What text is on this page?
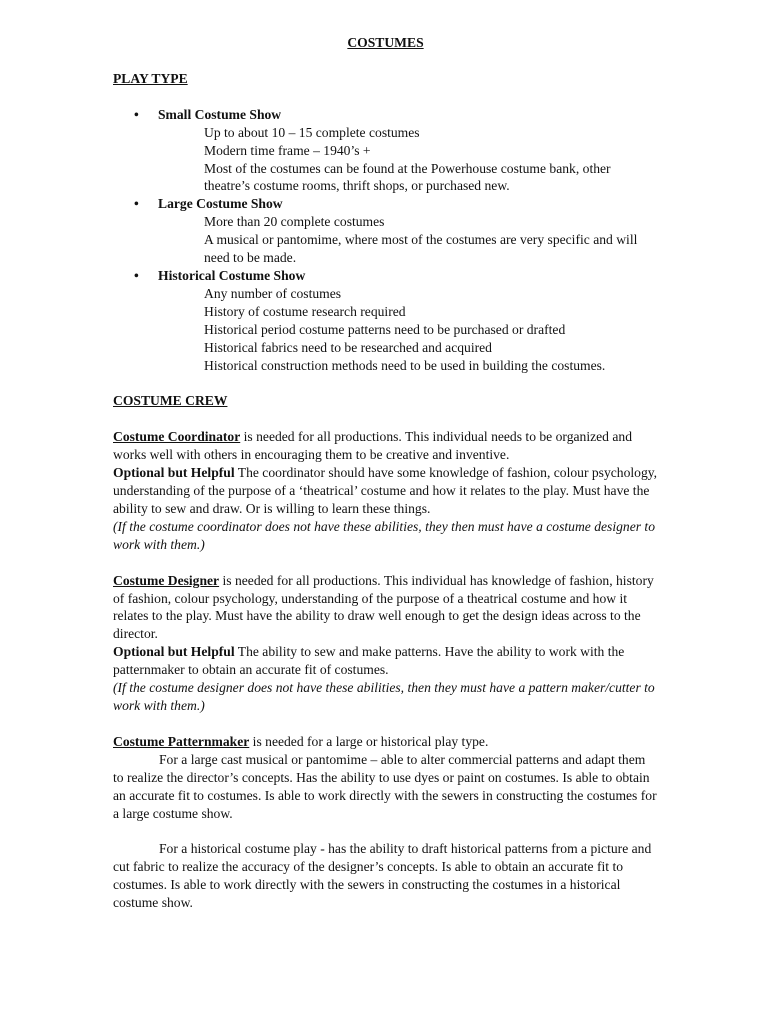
COSTUMES
PLAY TYPE
• Small Costume Show
Up to about 10 – 15 complete costumes
Modern time frame – 1940’s +
Most of the costumes can be found at the Powerhouse costume bank, other theatre’s costume rooms, thrift shops, or purchased new.
• Large Costume Show
More than 20 complete costumes
A musical or pantomime, where most of the costumes are very specific and will need to be made.
• Historical Costume Show
Any number of costumes
History of costume research required
Historical period costume patterns need to be purchased or drafted
Historical fabrics need to be researched and acquired
Historical construction methods need to be used in building the costumes.
COSTUME CREW
Costume Coordinator is needed for all productions. This individual needs to be organized and works well with others in encouraging them to be creative and inventive.
Optional but Helpful The coordinator should have some knowledge of fashion, colour psychology, understanding of the purpose of a ‘theatrical’ costume and how it relates to the play. Must have the ability to sew and draw. Or is willing to learn these things.
(If the costume coordinator does not have these abilities, they then must have a costume designer to work with them.)
Costume Designer is needed for all productions. This individual has knowledge of fashion, history of fashion, colour psychology, understanding of the purpose of a theatrical costume and how it relates to the play. Must have the ability to draw well enough to get the design ideas across to the director.
Optional but Helpful The ability to sew and make patterns. Have the ability to work with the patternmaker to obtain an accurate fit of costumes.
(If the costume designer does not have these abilities, then they must have a pattern maker/cutter to work with them.)
Costume Patternmaker is needed for a large or historical play type.
For a large cast musical or pantomime – able to alter commercial patterns and adapt them to realize the director’s concepts. Has the ability to use dyes or paint on costumes. Is able to obtain an accurate fit to costumes. Is able to work directly with the sewers in constructing the costumes for a large costume show.
For a historical costume play - has the ability to draft historical patterns from a picture and cut fabric to realize the accuracy of the designer’s concepts. Is able to obtain an accurate fit to costumes. Is able to work directly with the sewers in constructing the costumes in a historical costume show.
